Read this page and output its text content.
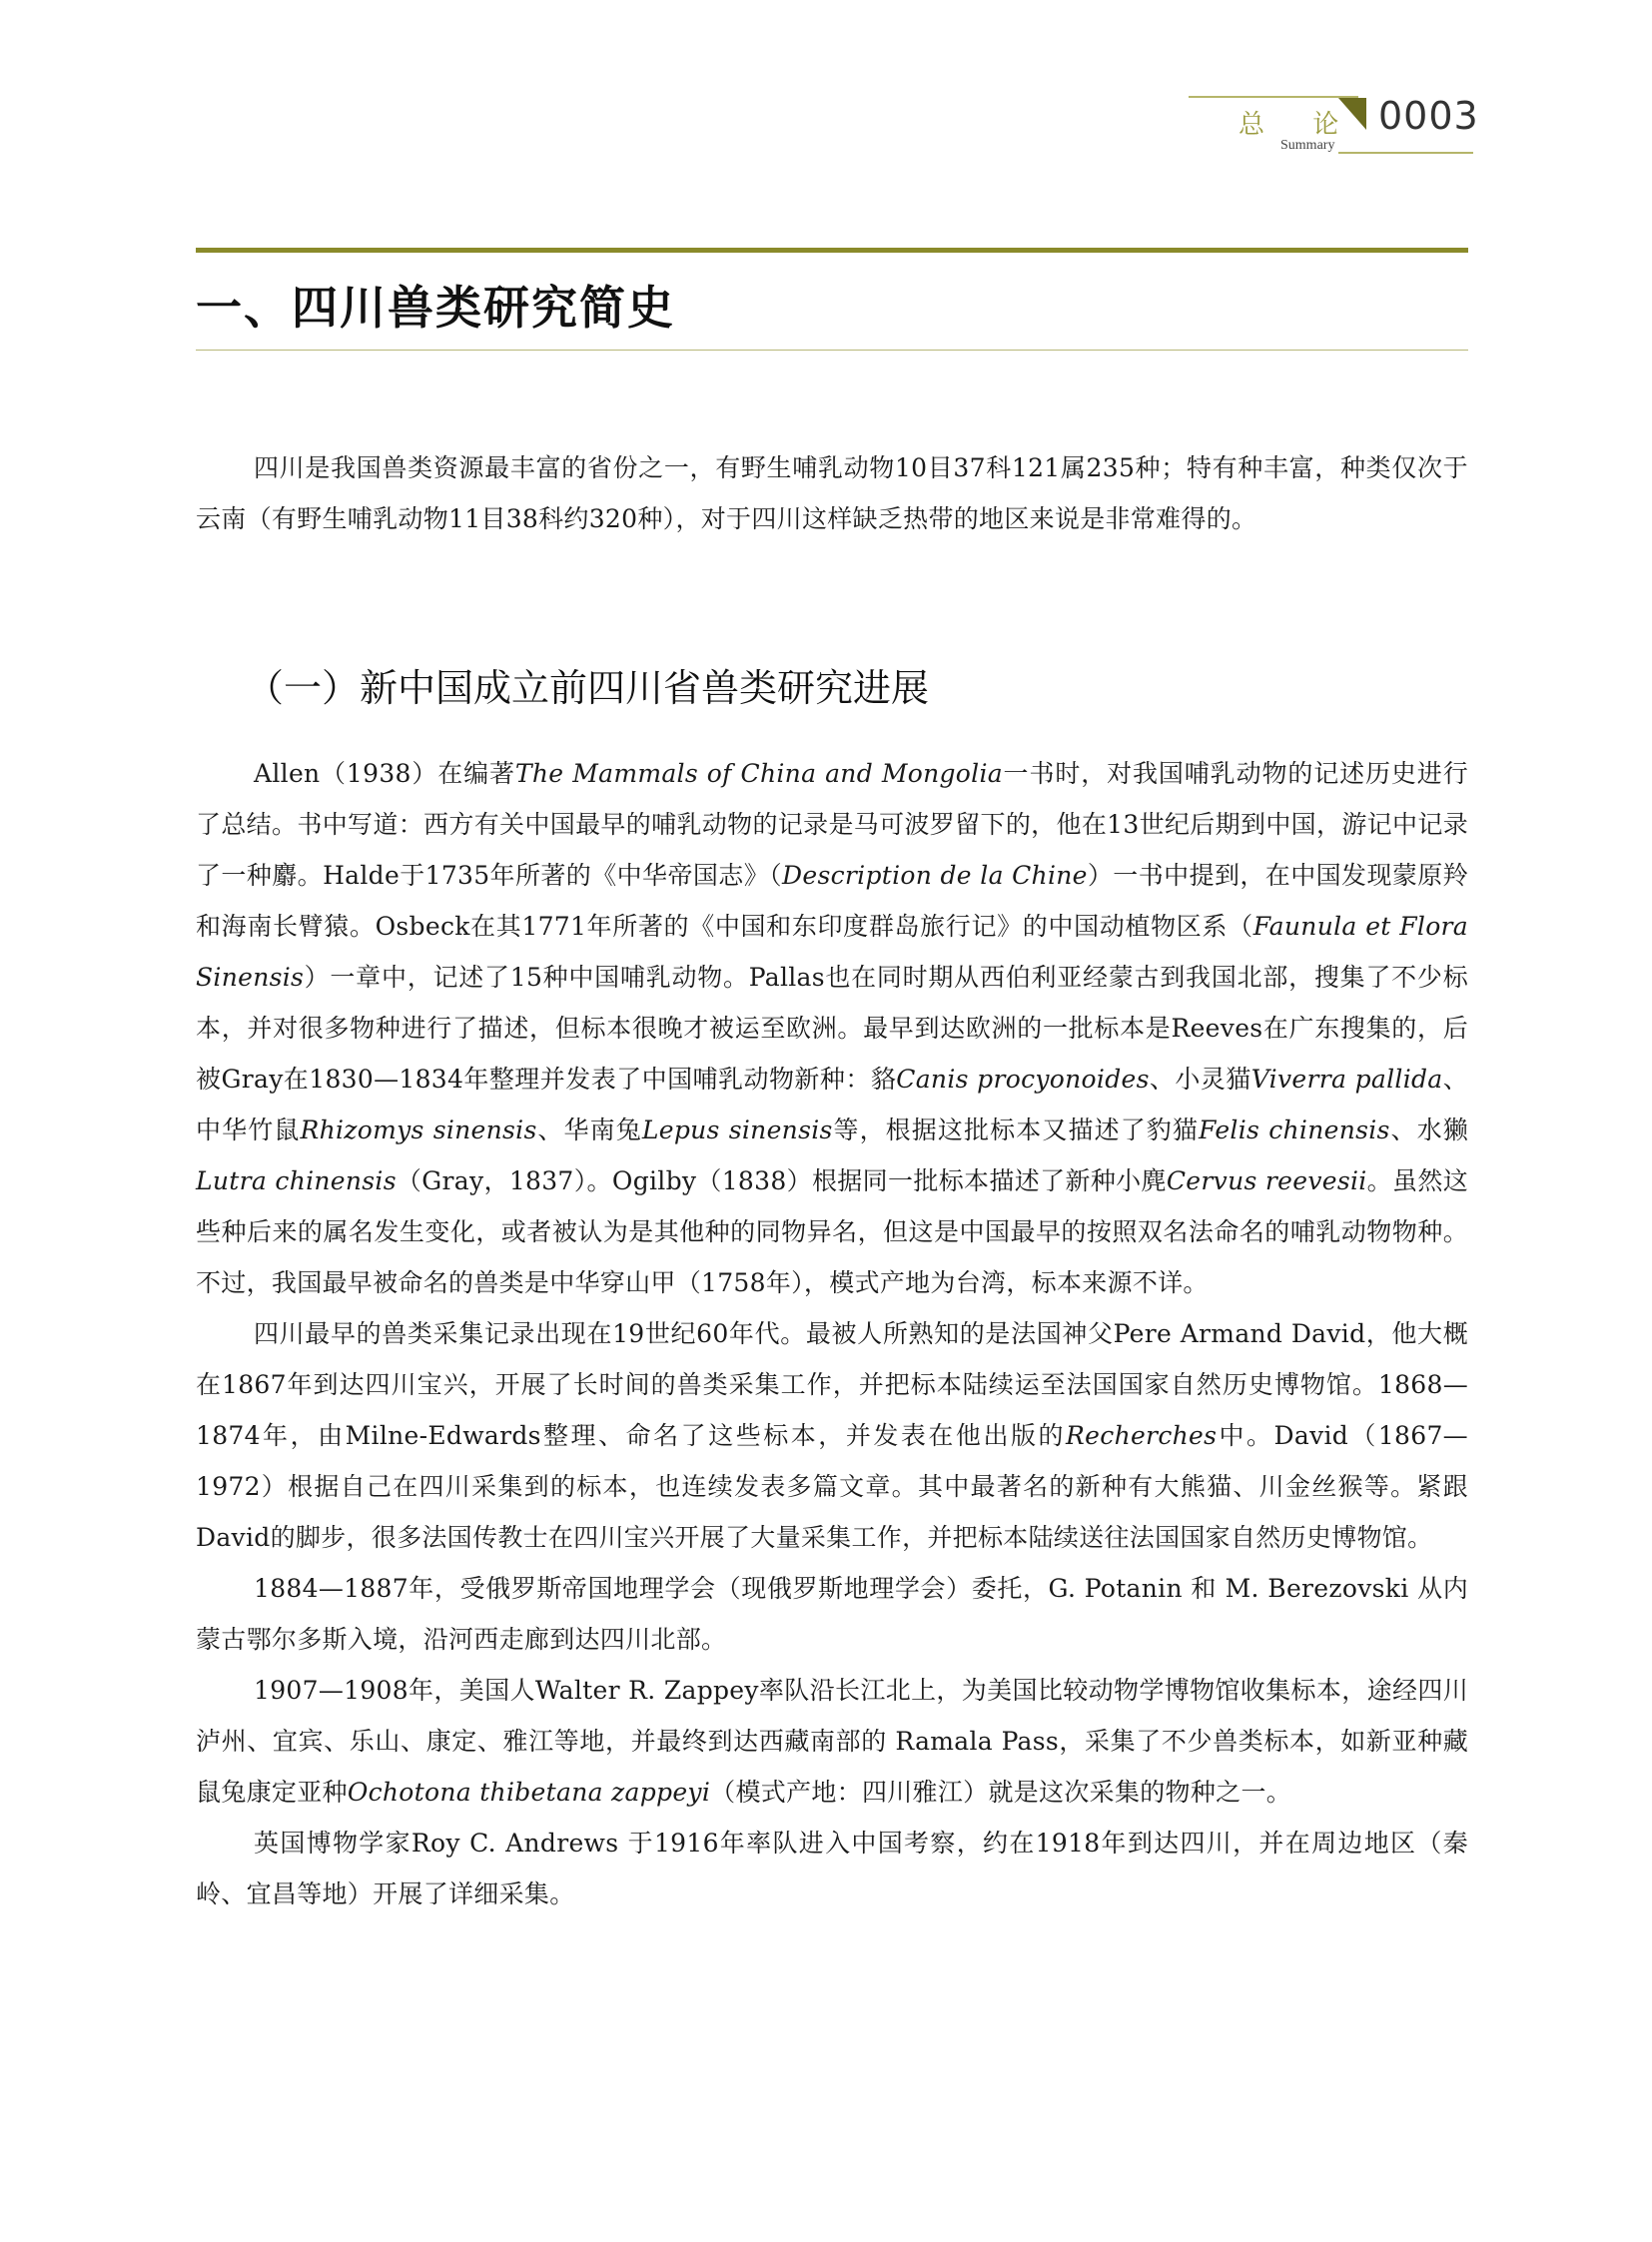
总 论
Summary
0003
一、四川兽类研究简史

四川是我国兽类资源最丰富的省份之一，有野生哺乳动物10目37科121属235种；特有种丰富，种类仅次于云南（有野生哺乳动物11目38科约320种），对于四川这样缺乏热带的地区来说是非常难得的。

（一）新中国成立前四川省兽类研究进展

Allen（1938）在编著The Mammals of China and Mongolia一书时，对我国哺乳动物的记述历史进行了总结。书中写道：西方有关中国最早的哺乳动物的记录是马可波罗留下的，他在13世纪后期到中国，游记中记录了一种麝。Halde于1735年所著的《中华帝国志》（Description de la Chine）一书中提到，在中国发现蒙原羚和海南长臂猿。Osbeck在其1771年所著的《中国和东印度群岛旅行记》的中国动植物区系（Faunula et Flora Sinensis）一章中，记述了15种中国哺乳动物。Pallas也在同时期从西伯利亚经蒙古到我国北部，搜集了不少标本，并对很多物种进行了描述，但标本很晚才被运至欧洲。最早到达欧洲的一批标本是Reeves在广东搜集的，后被Gray在1830—1834年整理并发表了中国哺乳动物新种：貉Canis procyonoides、小灵猫Viverra pallida、中华竹鼠Rhizomys sinensis、华南兔Lepus sinensis等，根据这批标本又描述了豹猫Felis chinensis、水獭Lutra chinensis（Gray，1837）。Ogilby（1838）根据同一批标本描述了新种小麂Cervus reevesii。虽然这些种后来的属名发生变化，或者被认为是其他种的同物异名，但这是中国最早的按照双名法命名的哺乳动物物种。不过，我国最早被命名的兽类是中华穿山甲（1758年），模式产地为台湾，标本来源不详。

四川最早的兽类采集记录出现在19世纪60年代。最被人所熟知的是法国神父Pere Armand David，他大概在1867年到达四川宝兴，开展了长时间的兽类采集工作，并把标本陆续运至法国国家自然历史博物馆。1868—1874年，由Milne-Edwards整理、命名了这些标本，并发表在他出版的Recherches中。David（1867—1972）根据自己在四川采集到的标本，也连续发表多篇文章。其中最著名的新种有大熊猫、川金丝猴等。紧跟David的脚步，很多法国传教士在四川宝兴开展了大量采集工作，并把标本陆续送往法国国家自然历史博物馆。

1884—1887年，受俄罗斯帝国地理学会（现俄罗斯地理学会）委托，G. Potanin 和 M. Berezovski 从内蒙古鄂尔多斯入境，沿河西走廊到达四川北部。

1907—1908年，美国人Walter R. Zappey率队沿长江北上，为美国比较动物学博物馆收集标本，途经四川泸州、宜宾、乐山、康定、雅江等地，并最终到达西藏南部的 Ramala Pass，采集了不少兽类标本，如新亚种藏鼠兔康定亚种Ochotona thibetana zappeyi（模式产地：四川雅江）就是这次采集的物种之一。

英国博物学家Roy C. Andrews 于1916年率队进入中国考察，约在1918年到达四川，并在周边地区（秦岭、宜昌等地）开展了详细采集。
